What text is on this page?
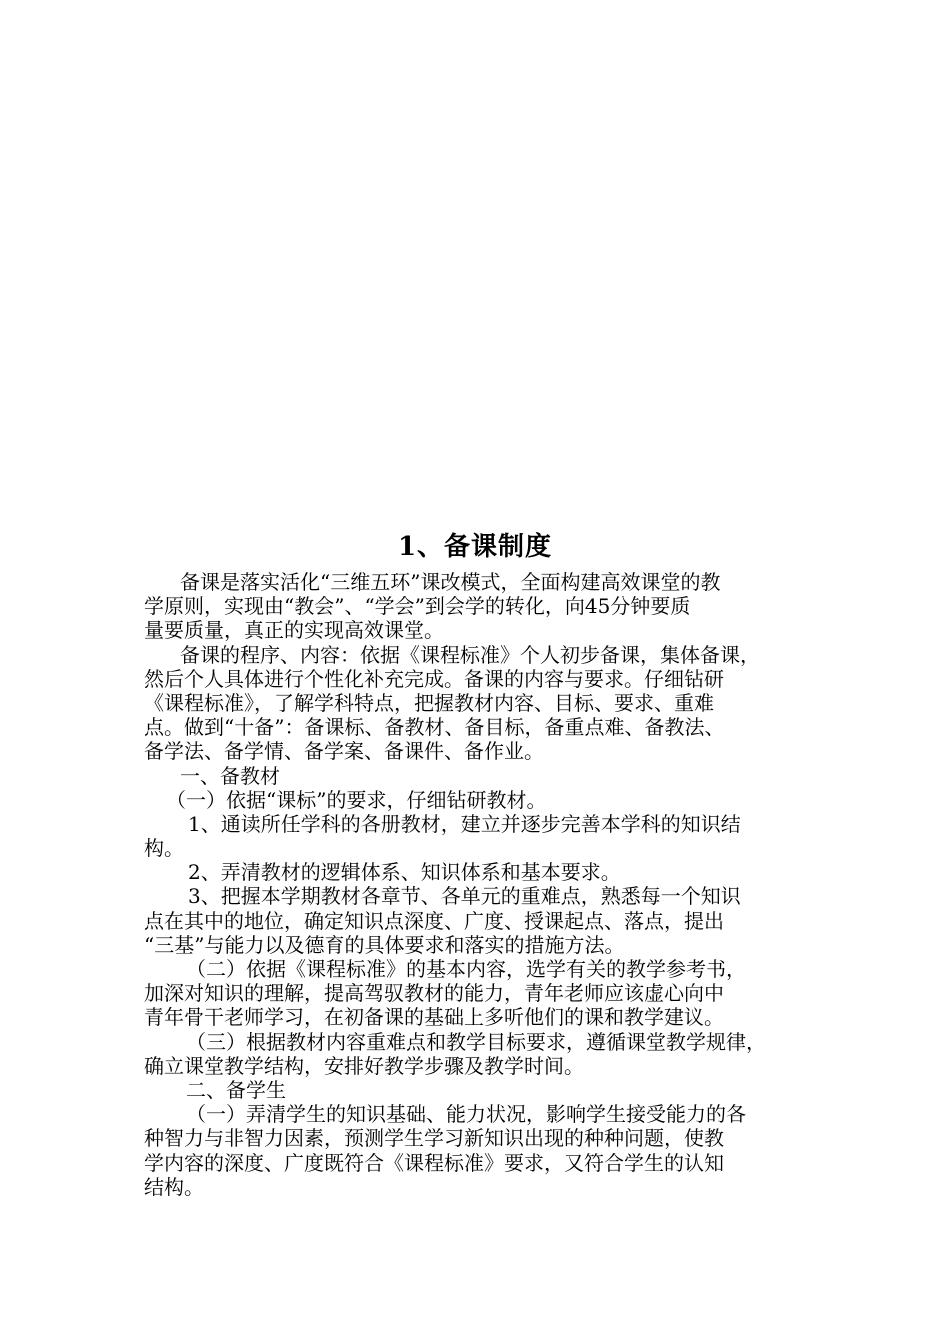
1、备课制度
备课是落实活化“三维五环”课改模式，全面构建高效课堂的教
学原则，实现由“教会”、“学会”到会学的转化，向45分钟要质
量要质量，真正的实现高效课堂。
备课的程序、内容：依据《课程标准》个人初步备课，集体备课，
然后个人具体进行个性化补充完成。备课的内容与要求。仔细钻研
《课程标准》，了解学科特点，把握教材内容、目标、要求、重难
点。做到“十备”：备课标、备教材、备目标，备重点难、备教法、
备学法、备学情、备学案、备课件、备作业。
一、备教材
（一）依据“课标”的要求，仔细钻研教材。
1、通读所任学科的各册教材，建立并逐步完善本学科的知识结
构。
2、弄清教材的逻辑体系、知识体系和基本要求。
3、把握本学期教材各章节、各单元的重难点，熟悉每一个知识
点在其中的地位，确定知识点深度、广度、授课起点、落点，提出
“三基”与能力以及德育的具体要求和落实的措施方法。
（二）依据《课程标准》的基本内容，选学有关的教学参考书，
加深对知识的理解，提高驾驭教材的能力，青年老师应该虚心向中
青年骨干老师学习，在初备课的基础上多听他们的课和教学建议。
（三）根据教材内容重难点和教学目标要求，遵循课堂教学规律，
确立课堂教学结构，安排好教学步骤及教学时间。
二、备学生
（一）弄清学生的知识基础、能力状况，影响学生接受能力的各
种智力与非智力因素，预测学生学习新知识出现的种种问题，使教
学内容的深度、广度既符合《课程标准》要求，又符合学生的认知
结构。
